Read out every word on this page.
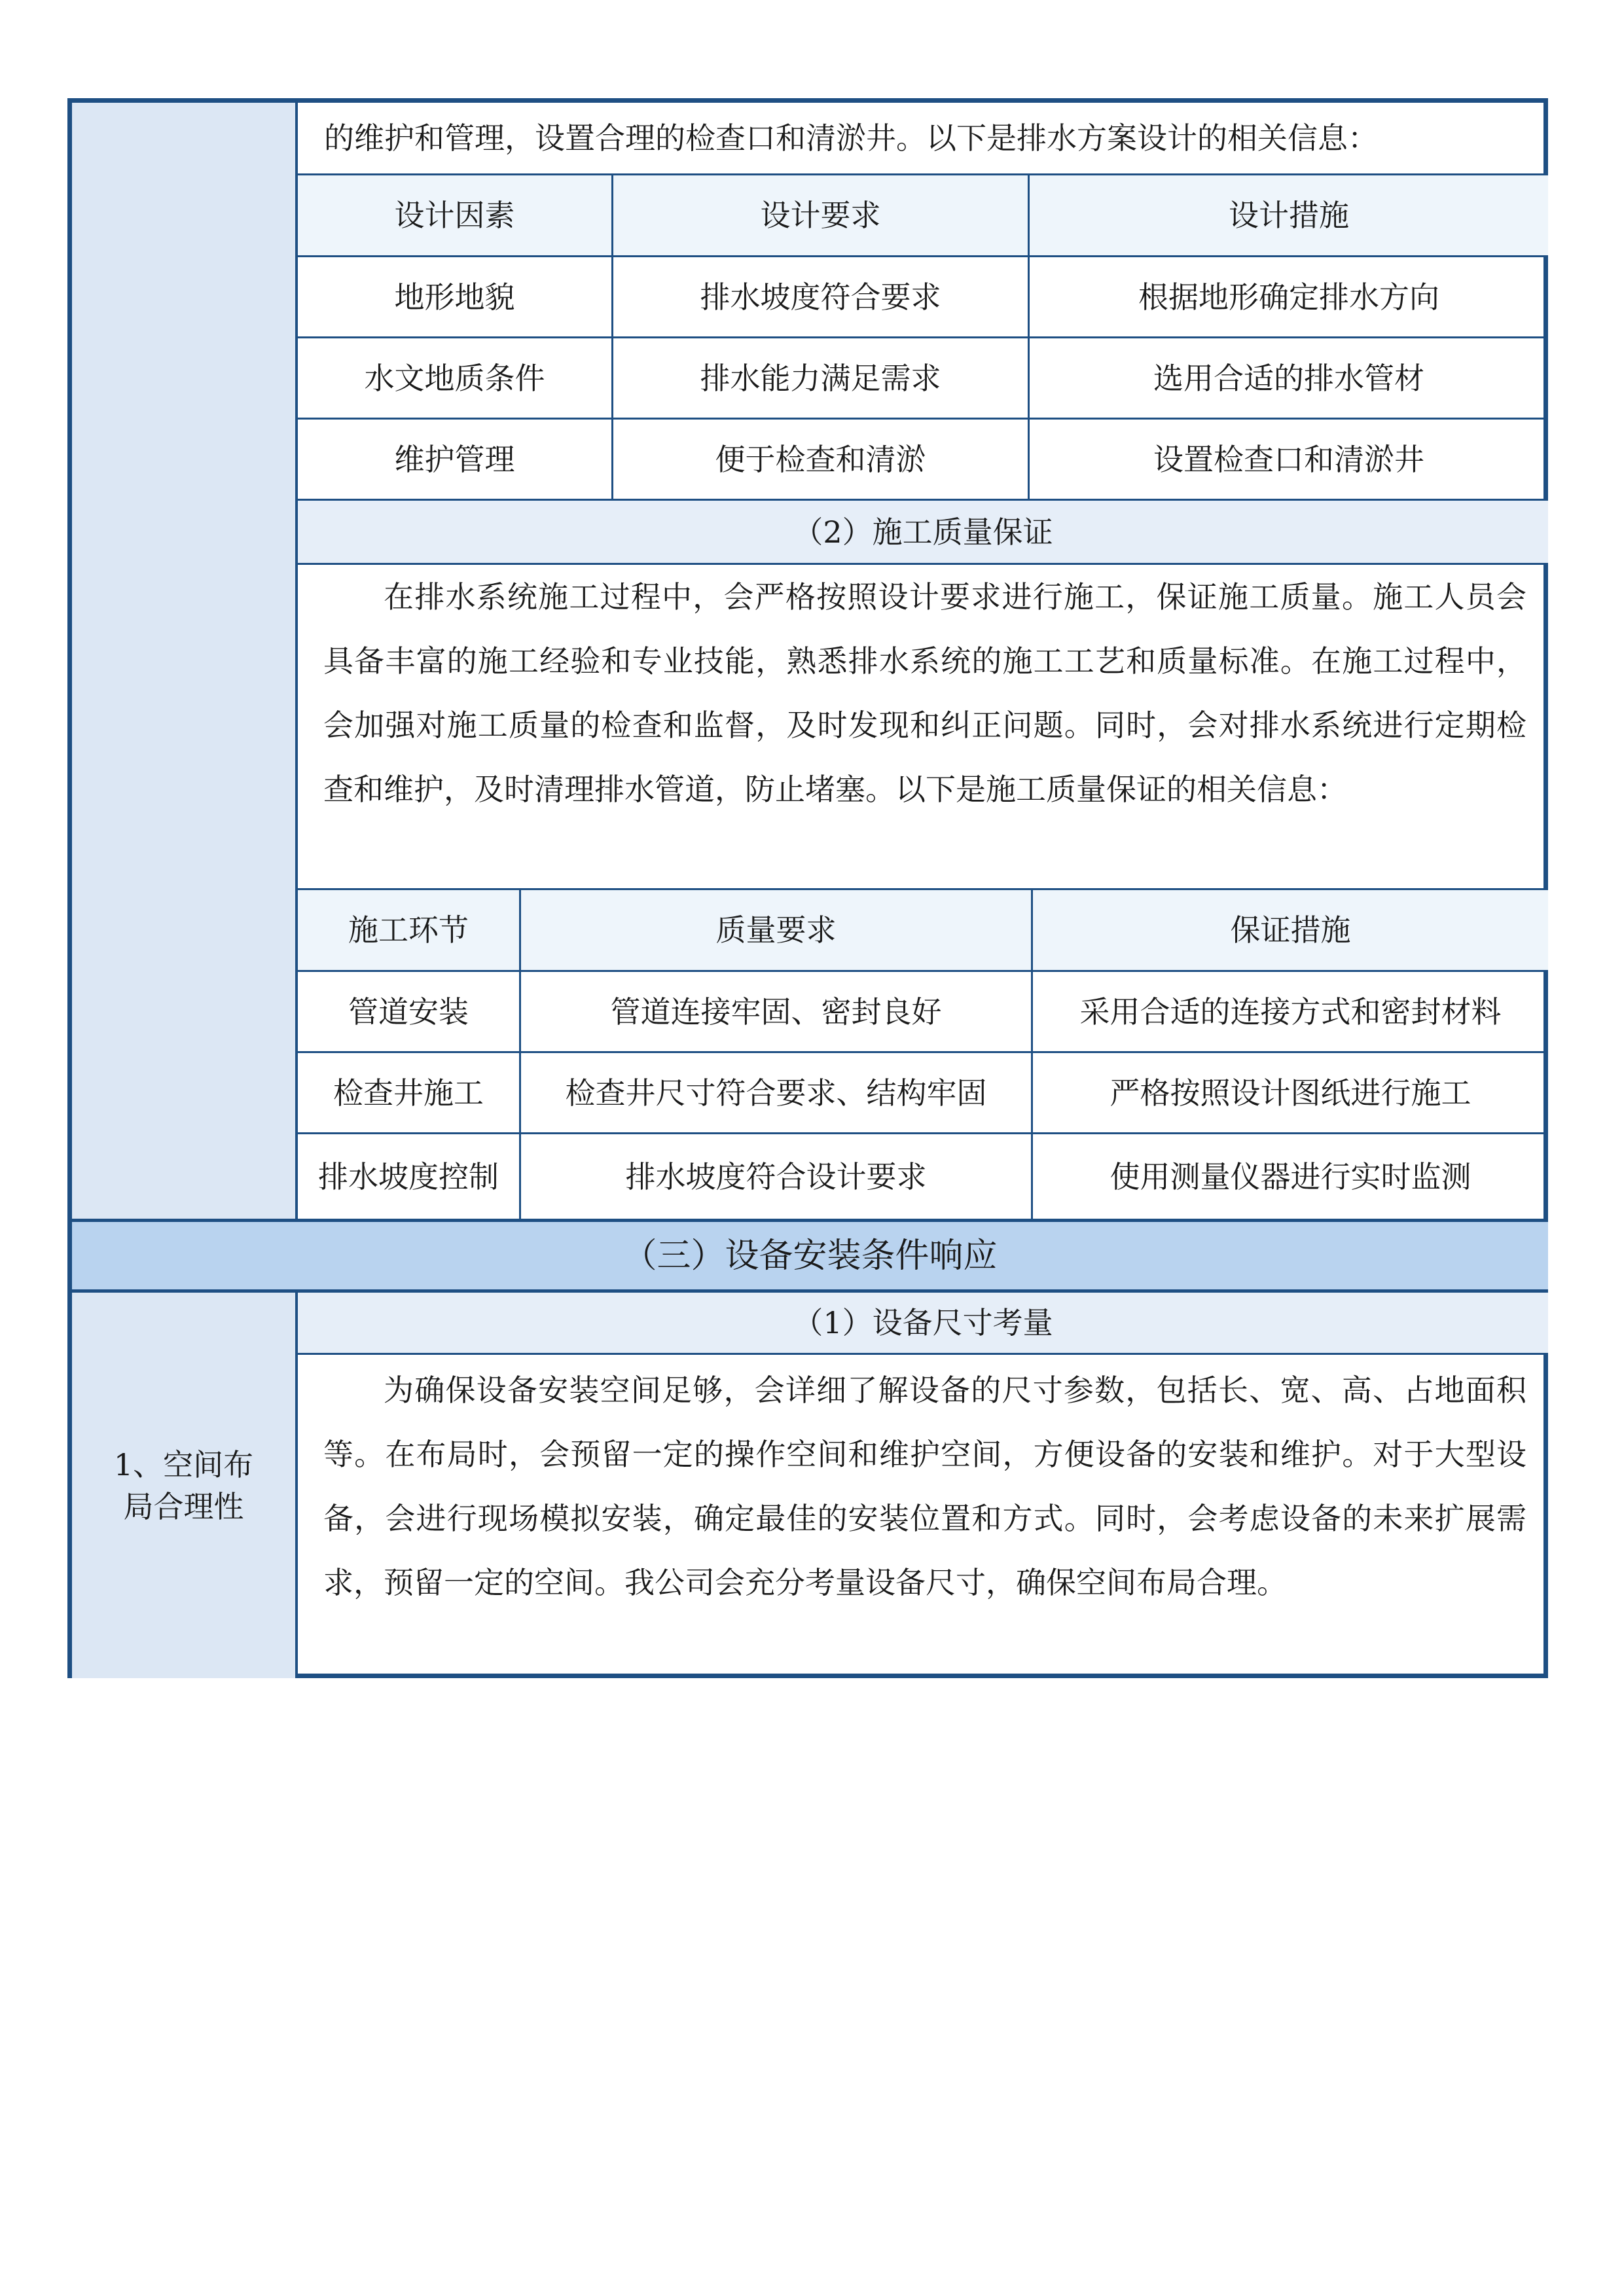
的维护和管理，设置合理的检查口和清淤井。以下是排水方案设计的相关信息：
设计因素	设计要求	设计措施
地形地貌	排水坡度符合要求	根据地形确定排水方向
水文地质条件	排水能力满足需求	选用合适的排水管材
维护管理	便于检查和清淤	设置检查口和清淤井
（2）施工质量保证

在排水系统施工过程中，会严格按照设计要求进行施工，保证施工质量。施工人员会具备丰富的施工经验和专业技能，熟悉排水系统的施工工艺和质量标准。在施工过程中，会加强对施工质量的检查和监督，及时发现和纠正问题。同时，会对排水系统进行定期检查和维护，及时清理排水管道，防止堵塞。以下是施工质量保证的相关信息：

施工环节	质量要求	保证措施
管道安装	管道连接牢固、密封良好	采用合适的连接方式和密封材料
检查井施工	检查井尺寸符合要求、结构牢固	严格按照设计图纸进行施工
排水坡度控制	排水坡度符合设计要求	使用测量仪器进行实时监测
（三）设备安装条件响应
1、空间布
局合理性
（1）设备尺寸考量

为确保设备安装空间足够，会详细了解设备的尺寸参数，包括长、宽、高、占地面积等。在布局时，会预留一定的操作空间和维护空间，方便设备的安装和维护。对于大型设备，会进行现场模拟安装，确定最佳的安装位置和方式。同时，会考虑设备的未来扩展需求，预留一定的空间。我公司会充分考量设备尺寸，确保空间布局合理。
